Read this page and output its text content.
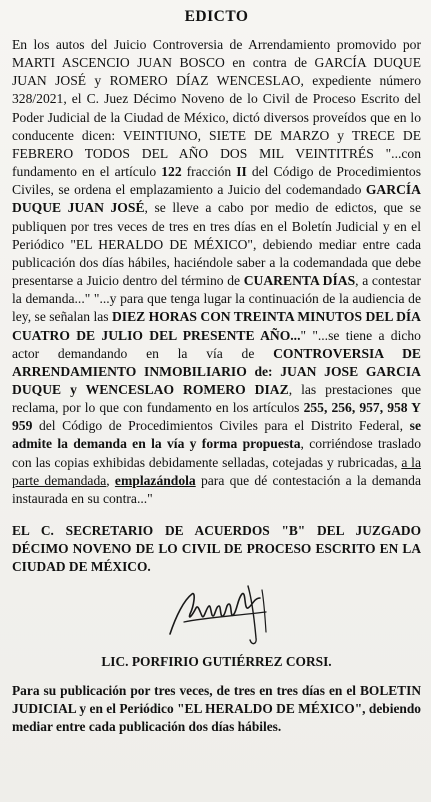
EDICTO

En los autos del Juicio Controversia de Arrendamiento promovido por MARTI ASCENCIO JUAN BOSCO en contra de GARCÍA DUQUE JUAN JOSÉ y ROMERO DÍAZ WENCESLAO, expediente número 328/2021, el C. Juez Décimo Noveno de lo Civil de Proceso Escrito del Poder Judicial de la Ciudad de México, dictó diversos proveídos que en lo conducente dicen: VEINTIUNO, SIETE DE MARZO y TRECE DE FEBRERO TODOS DEL AÑO DOS MIL VEINTITRÉS "...con fundamento en el artículo 122 fracción II del Código de Procedimientos Civiles, se ordena el emplazamiento a Juicio del codemandado GARCÍA DUQUE JUAN JOSÉ, se lleve a cabo por medio de edictos, que se publiquen por tres veces de tres en tres días en el Boletín Judicial y en el Periódico "EL HERALDO DE MÉXICO", debiendo mediar entre cada publicación dos días hábiles, haciéndole saber a la codemandada que debe presentarse a Juicio dentro del término de CUARENTA DÍAS, a contestar la demanda..." "...y para que tenga lugar la continuación de la audiencia de ley, se señalan las DIEZ HORAS CON TREINTA MINUTOS DEL DÍA CUATRO DE JULIO DEL PRESENTE AÑO..." "...se tiene a dicho actor demandando en la vía de CONTROVERSIA DE ARRENDAMIENTO INMOBILIARIO de: JUAN JOSE GARCIA DUQUE y WENCESLAO ROMERO DIAZ, las prestaciones que reclama, por lo que con fundamento en los artículos 255, 256, 957, 958 Y 959 del Código de Procedimientos Civiles para el Distrito Federal, se admite la demanda en la vía y forma propuesta, corriéndose traslado con las copias exhibidas debidamente selladas, cotejadas y rubricadas, a la parte demandada, emplazándola para que dé contestación a la demanda instaurada en su contra..."

EL C. SECRETARIO DE ACUERDOS "B" DEL JUZGADO DÉCIMO NOVENO DE LO CIVIL DE PROCESO ESCRITO EN LA CIUDAD DE MÉXICO.
LIC. PORFIRIO GUTIÉRREZ CORSI.
Para su publicación por tres veces, de tres en tres días en el BOLETIN JUDICIAL y en el Periódico "EL HERALDO DE MÉXICO", debiendo mediar entre cada publicación dos días hábiles.
